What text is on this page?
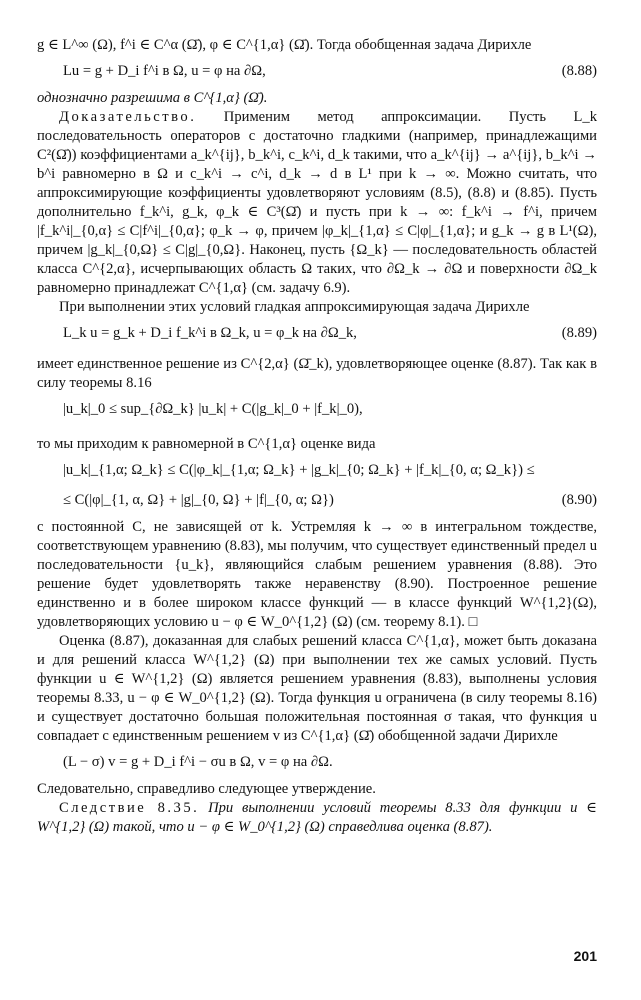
g ∈ L^∞ (Ω), f^i ∈ C^α (Ω̄), φ ∈ C^{1,α} (Ω̄). Тогда обобщенная задача Дирихле

Lu = g + D_i f^i в Ω, u = φ на ∂Ω,	(8.88)

однозначно разрешима в C^{1,α} (Ω̄).

Доказательство. Применим метод аппроксимации. Пусть L_k последовательность операторов с достаточно гладкими (например, принадлежащими C²(Ω̄)) коэффициентами a_k^{ij}, b_k^i, c_k^i, d_k такими, что a_k^{ij} → a^{ij}, b_k^i → b^i равномерно в Ω и c_k^i → c^i, d_k → d в L¹ при k → ∞. Можно считать, что аппроксимирующие коэффициенты удовлетворяют условиям (8.5), (8.8) и (8.85). Пусть дополнительно f_k^i, g_k, φ_k ∈ C³(Ω̄) и пусть при k → ∞: f_k^i → f^i, причем |f_k^i|_{0,α} ≤ C|f^i|_{0,α}; φ_k → φ, причем |φ_k|_{1,α} ≤ C|φ|_{1,α}; и g_k → g в L¹(Ω), причем |g_k|_{0,Ω} ≤ C|g|_{0,Ω}. Наконец, пусть {Ω_k} — последовательность областей класса C^{2,α}, исчерпывающих область Ω таких, что ∂Ω_k → ∂Ω и поверхности ∂Ω_k равномерно принадлежат C^{1,α} (см. задачу 6.9).

При выполнении этих условий гладкая аппроксимирующая задача Дирихле

L_k u = g_k + D_i f_k^i в Ω_k, u = φ_k на ∂Ω_k,	(8.89)

имеет единственное решение из C^{2,α} (Ω̄_k), удовлетворяющее оценке (8.87). Так как в силу теоремы 8.16

|u_k|_0 ≤ sup_{∂Ω_k} |u_k| + C(|g_k|_0 + |f_k|_0),

то мы приходим к равномерной в C^{1,α} оценке вида

|u_k|_{1,α; Ω_k} ≤ C(|φ_k|_{1,α; Ω_k} + |g_k|_{0; Ω_k} + |f_k|_{0, α; Ω_k}) ≤
≤ C(|φ|_{1, α, Ω} + |g|_{0, Ω} + |f|_{0, α; Ω})	(8.90)

с постоянной C, не зависящей от k. Устремляя k → ∞ в интегральном тождестве, соответствующем уравнению (8.83), мы получим, что существует единственный предел u последовательности {u_k}, являющийся слабым решением уравнения (8.88). Это решение будет удовлетворять также неравенству (8.90). Построенное решение единственно и в более широком классе функций — в классе функций W^{1,2}(Ω), удовлетворяющих условию u − φ ∈ W_0^{1,2} (Ω) (см. теорему 8.1). □

Оценка (8.87), доказанная для слабых решений класса C^{1,α}, может быть доказана и для решений класса W^{1,2} (Ω) при выполнении тех же самых условий. Пусть функции u ∈ W^{1,2} (Ω) является решением уравнения (8.83), выполнены условия теоремы 8.33, u − φ ∈ W_0^{1,2} (Ω). Тогда функция u ограничена (в силу теоремы 8.16) и существует достаточно большая положительная постоянная σ такая, что функция u совпадает с единственным решением v из C^{1,α} (Ω̄) обобщенной задачи Дирихле

(L − σ) v = g + D_i f^i − σu в Ω, v = φ на ∂Ω.

Следовательно, справедливо следующее утверждение.

Следствие 8.35. При выполнении условий теоремы 8.33 для функции u ∈ W^{1,2} (Ω) такой, что u − φ ∈ W_0^{1,2} (Ω) справедлива оценка (8.87).

201
